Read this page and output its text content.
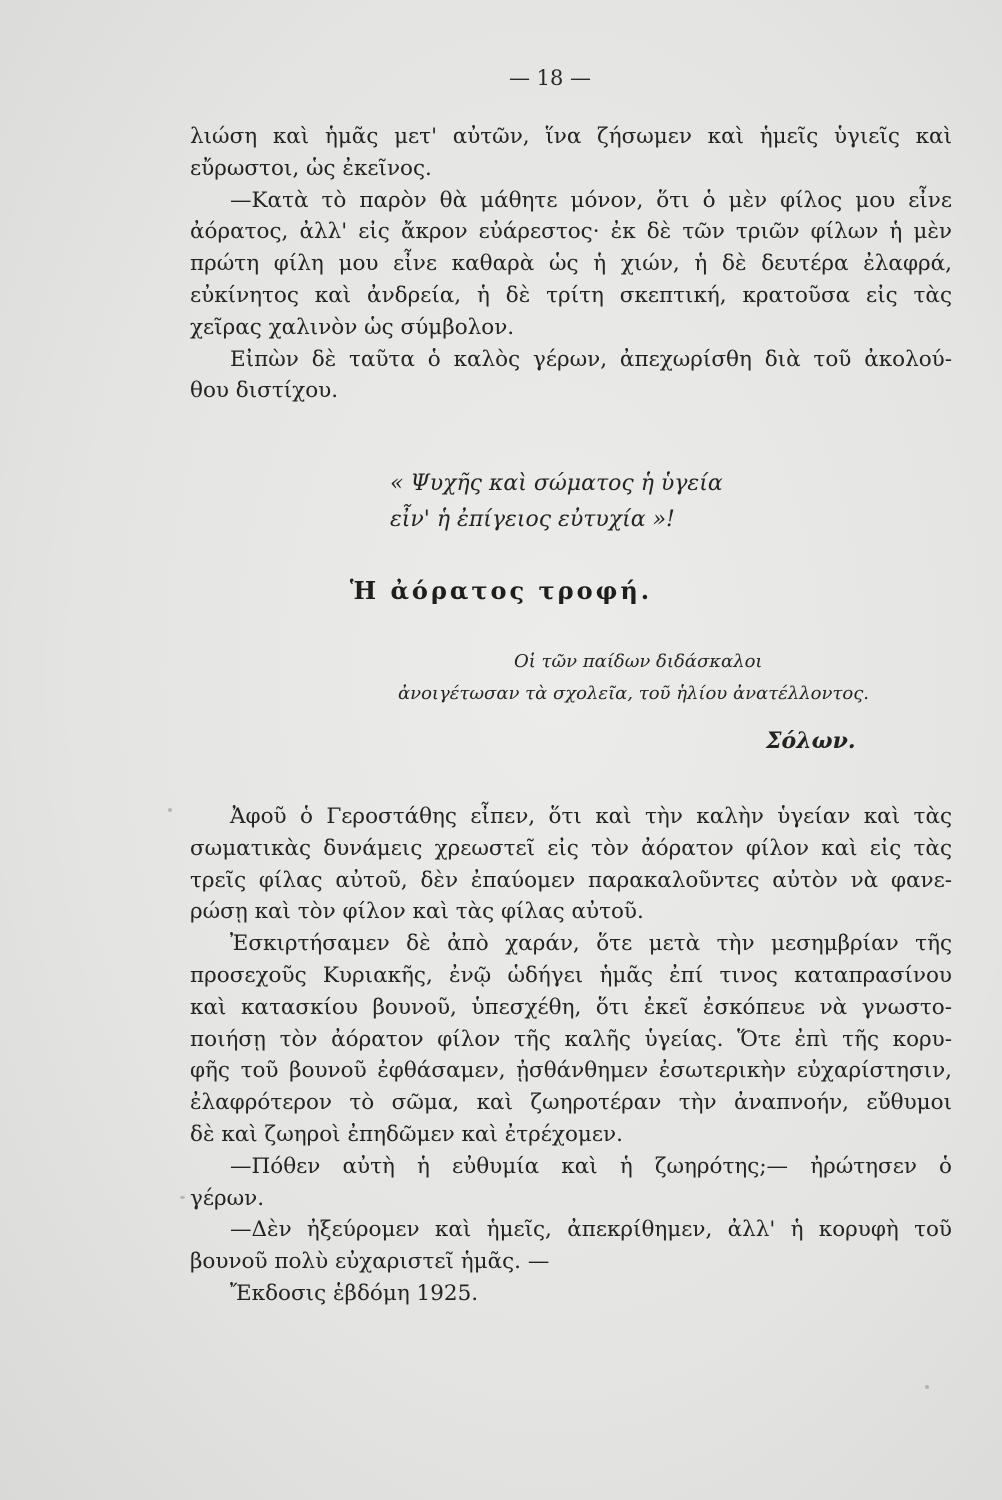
— 18 —
λιώση καὶ ἡμᾶς μετ' αὐτῶν, ἵνα ζήσωμεν καὶ ἡμεῖς ὑγιεῖς καὶ
εὔρωστοι, ὡς ἐκεῖνος.
—Κατὰ τὸ παρὸν θὰ μάθητε μόνον, ὅτι ὁ μὲν φίλος μου εἶνε
ἀόρατος, ἀλλ' εἰς ἄκρον εὐάρεστος· ἐκ δὲ τῶν τριῶν φίλων ἡ μὲν
πρώτη φίλη μου εἶνε καθαρὰ ὡς ἡ χιών, ἡ δὲ δευτέρα ἐλαφρά,
εὐκίνητος καὶ ἀνδρεία, ἡ δὲ τρίτη σκεπτική, κρατοῦσα εἰς τὰς
χεῖρας χαλινὸν ὡς σύμβολον.
Εἰπὼν δὲ ταῦτα ὁ καλὸς γέρων, ἀπεχωρίσθη διὰ τοῦ ἀκολού-
θου διστίχου.
« Ψυχῆς καὶ σώματος ἡ ὑγεία
εἶν' ἡ ἐπίγειος εὐτυχία »!
Ἡ ἀόρατος τροφή.
Οἱ τῶν παίδων διδάσκαλοι
ἀνοιγέτωσαν τὰ σχολεῖα, τοῦ ἡλίου ἀνατέλλοντος.
Σόλων.
Ἀφοῦ ὁ Γεροστάθης εἶπεν, ὅτι καὶ τὴν καλὴν ὑγείαν καὶ τὰς
σωματικὰς δυνάμεις χρεωστεῖ εἰς τὸν ἀόρατον φίλον καὶ εἰς τὰς
τρεῖς φίλας αὐτοῦ, δὲν ἐπαύομεν παρακαλοῦντες αὐτὸν νὰ φανε-
ρώσῃ καὶ τὸν φίλον καὶ τὰς φίλας αὐτοῦ.
Ἐσκιρτήσαμεν δὲ ἀπὸ χαράν, ὅτε μετὰ τὴν μεσημβρίαν τῆς
προσεχοῦς Κυριακῆς, ἐνῷ ὡδήγει ἡμᾶς ἐπί τινος καταπρασίνου
καὶ κατασκίου βουνοῦ, ὑπεσχέθη, ὅτι ἐκεῖ ἐσκόπευε νὰ γνωστο-
ποιήσῃ τὸν ἀόρατον φίλον τῆς καλῆς ὑγείας. Ὅτε ἐπὶ τῆς κορυ-
φῆς τοῦ βουνοῦ ἐφθάσαμεν, ᾐσθάνθημεν ἐσωτερικὴν εὐχαρίστησιν,
ἐλαφρότερον τὸ σῶμα, καὶ ζωηροτέραν τὴν ἀναπνοήν, εὔθυμοι
δὲ καὶ ζωηροὶ ἐπηδῶμεν καὶ ἐτρέχομεν.
—Πόθεν αὐτὴ ἡ εὐθυμία καὶ ἡ ζωηρότης;— ἠρώτησεν ὁ
γέρων.
—Δὲν ἠξεύρομεν καὶ ἡμεῖς, ἀπεκρίθημεν, ἀλλ' ἡ κορυφὴ τοῦ
βουνοῦ πολὺ εὐχαριστεῖ ἡμᾶς. —
Ἔκδοσις ἑβδόμη 1925.
